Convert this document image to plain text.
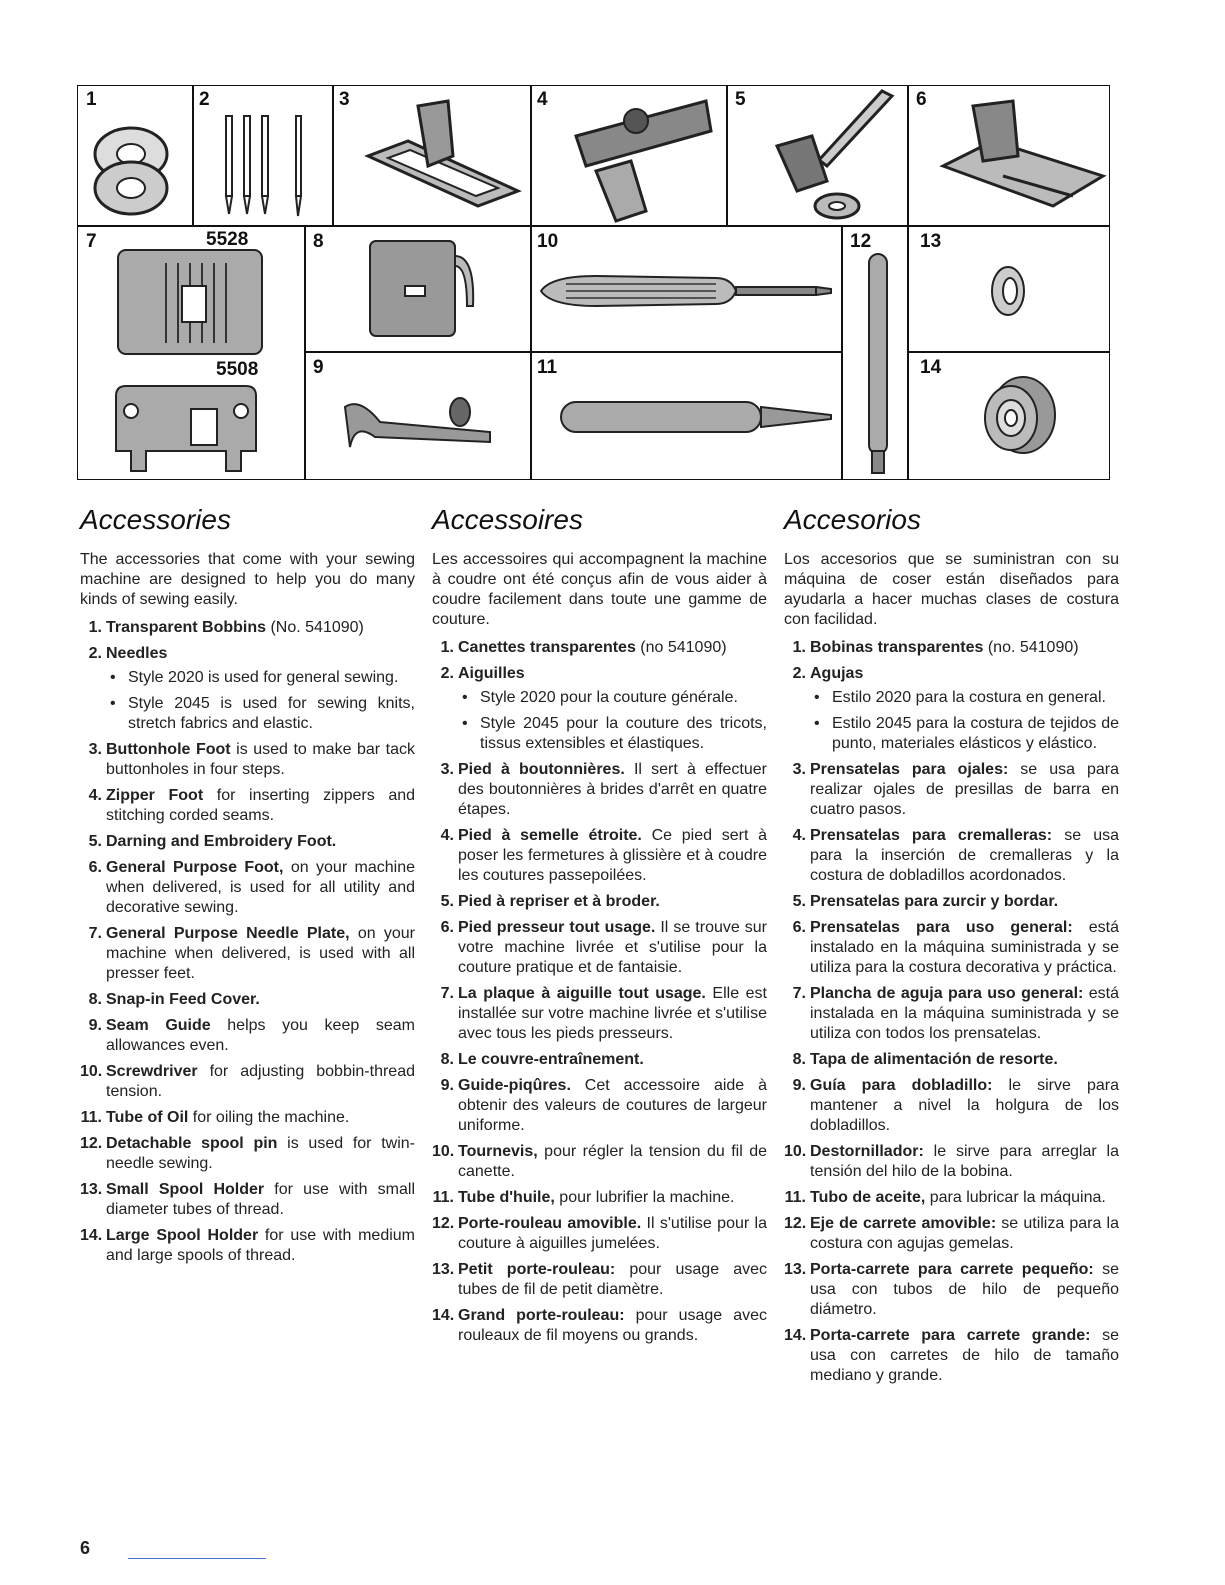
1	2	3	4	5	6
7	5528
5508
8
9
10
11
12	13
14
Accessories

The accessories that come with your sewing machine are designed to help you do many kinds of sewing easily.

1. Transparent Bobbins (No. 541090)
2. Needles
• Style 2020 is used for general sewing.
• Style 2045 is used for sewing knits, stretch fabrics and elastic.
3. Buttonhole Foot is used to make bar tack buttonholes in four steps.
4. Zipper Foot for inserting zippers and stitching corded seams.
5. Darning and Embroidery Foot.
6. General Purpose Foot, on your machine when delivered, is used for all utility and decorative sewing.
7. General Purpose Needle Plate, on your machine when delivered, is used with all presser feet.
8. Snap-in Feed Cover.
9. Seam Guide helps you keep seam allowances even.
10. Screwdriver for adjusting bobbin-thread tension.
11. Tube of Oil for oiling the machine.
12. Detachable spool pin is used for twin-needle sewing.
13. Small Spool Holder for use with small diameter tubes of thread.
14. Large Spool Holder for use with medium and large spools of thread.
Accessoires

Les accessoires qui accompagnent la machine à coudre ont été conçus afin de vous aider à coudre facilement dans toute une gamme de couture.

1. Canettes transparentes (no 541090)
2. Aiguilles
• Style 2020 pour la couture générale.
• Style 2045 pour la couture des tricots, tissus extensibles et élastiques.
3. Pied à boutonnières. Il sert à effectuer des boutonnières à brides d'arrêt en quatre étapes.
4. Pied à semelle étroite. Ce pied sert à poser les fermetures à glissière et à coudre les coutures passepoilées.
5. Pied à repriser et à broder.
6. Pied presseur tout usage. Il se trouve sur votre machine livrée et s'utilise pour la couture pratique et de fantaisie.
7. La plaque à aiguille tout usage. Elle est installée sur votre machine livrée et s'utilise avec tous les pieds presseurs.
8. Le couvre-entraînement.
9. Guide-piqûres. Cet accessoire aide à obtenir des valeurs de coutures de largeur uniforme.
10. Tournevis, pour régler la tension du fil de canette.
11. Tube d'huile, pour lubrifier la machine.
12. Porte-rouleau amovible. Il s'utilise pour la couture à aiguilles jumelées.
13. Petit porte-rouleau: pour usage avec tubes de fil de petit diamètre.
14. Grand porte-rouleau: pour usage avec rouleaux de fil moyens ou grands.
Accesorios

Los accesorios que se suministran con su máquina de coser están diseñados para ayudarla a hacer muchas clases de costura con facilidad.

1. Bobinas transparentes (no. 541090)
2. Agujas
• Estilo 2020 para la costura en general.
• Estilo 2045 para la costura de tejidos de punto, materiales elásticos y elástico.
3. Prensatelas para ojales: se usa para realizar ojales de presillas de barra en cuatro pasos.
4. Prensatelas para cremalleras: se usa para la inserción de cremalleras y la costura de dobladillos acordonados.
5. Prensatelas para zurcir y bordar.
6. Prensatelas para uso general: está instalado en la máquina suministrada y se utiliza para la costura decorativa y práctica.
7. Plancha de aguja para uso general: está instalada en la máquina suministrada y se utiliza con todos los prensatelas.
8. Tapa de alimentación de resorte.
9. Guía para dobladillo: le sirve para mantener a nivel la holgura de los dobladillos.
10. Destornillador: le sirve para arreglar la tensión del hilo de la bobina.
11. Tubo de aceite, para lubricar la máquina.
12. Eje de carrete amovible: se utiliza para la costura con agujas gemelas.
13. Porta-carrete para carrete pequeño: se usa con tubos de hilo de pequeño diámetro.
14. Porta-carrete para carrete grande: se usa con carretes de hilo de tamaño mediano y grande.
6
